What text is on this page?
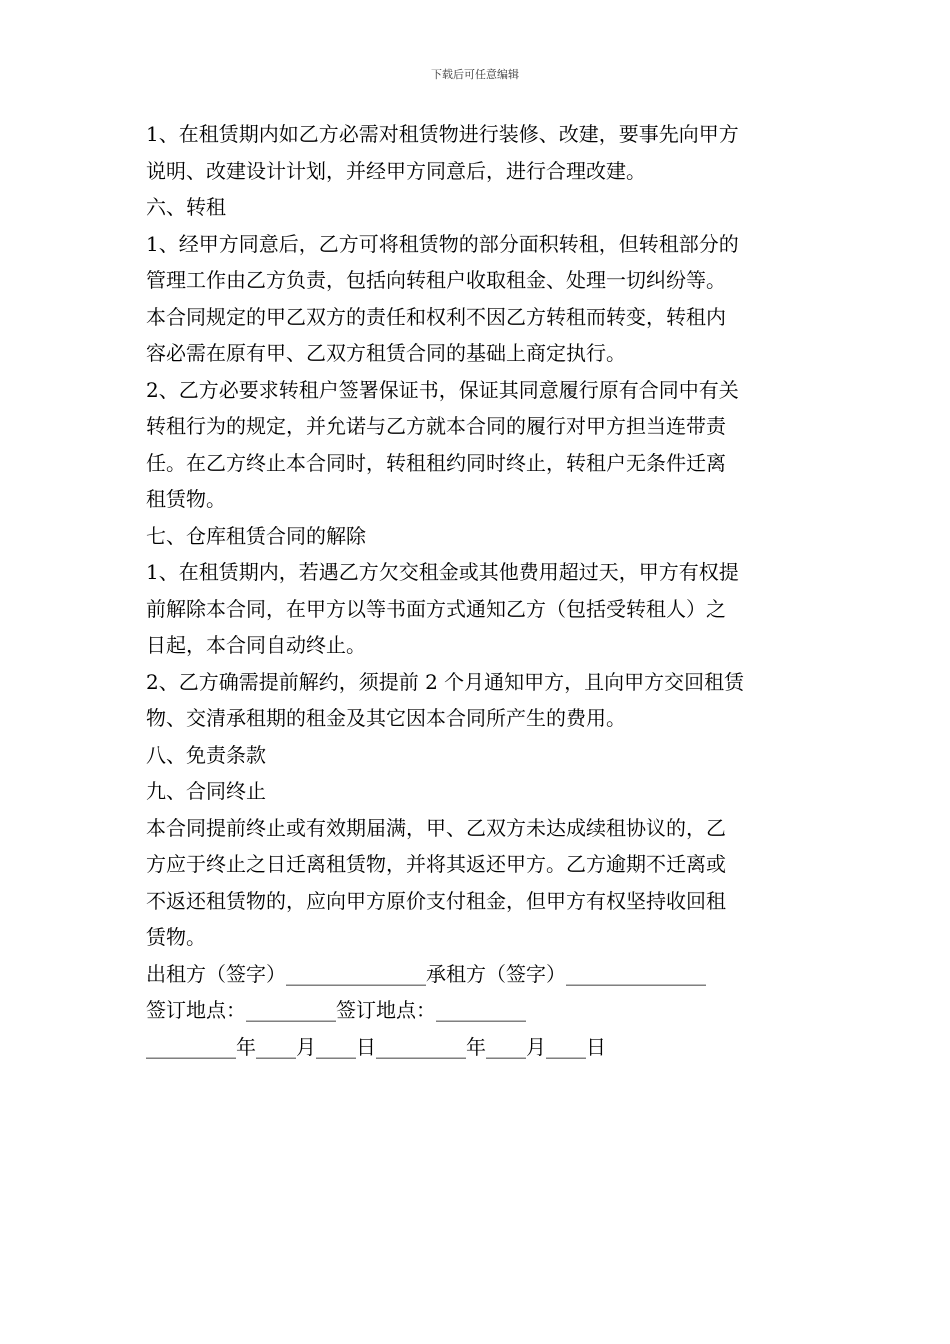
下载后可任意编辑
1、在租赁期内如乙方必需对租赁物进行装修、改建，要事先向甲方
说明、改建设计计划，并经甲方同意后，进行合理改建。
六、转租
1、经甲方同意后，乙方可将租赁物的部分面积转租，但转租部分的
管理工作由乙方负责，包括向转租户收取租金、处理一切纠纷等。
本合同规定的甲乙双方的责任和权利不因乙方转租而转变，转租内
容必需在原有甲、乙双方租赁合同的基础上商定执行。
2、乙方必要求转租户签署保证书，保证其同意履行原有合同中有关
转租行为的规定，并允诺与乙方就本合同的履行对甲方担当连带责
任。在乙方终止本合同时，转租租约同时终止，转租户无条件迁离
租赁物。
七、仓库租赁合同的解除
1、在租赁期内，若遇乙方欠交租金或其他费用超过天，甲方有权提
前解除本合同，在甲方以等书面方式通知乙方（包括受转租人）之
日起，本合同自动终止。
2、乙方确需提前解约，须提前 2 个月通知甲方，且向甲方交回租赁
物、交清承租期的租金及其它因本合同所产生的费用。
八、免责条款
九、合同终止
本合同提前终止或有效期届满，甲、乙双方未达成续租协议的，乙
方应于终止之日迁离租赁物，并将其返还甲方。乙方逾期不迁离或
不返还租赁物的，应向甲方原价支付租金，但甲方有权坚持收回租
赁物。
出租方（签字）______________承租方（签字）______________
签订地点：_________签订地点：_________
_________年____月____日_________年____月____日
